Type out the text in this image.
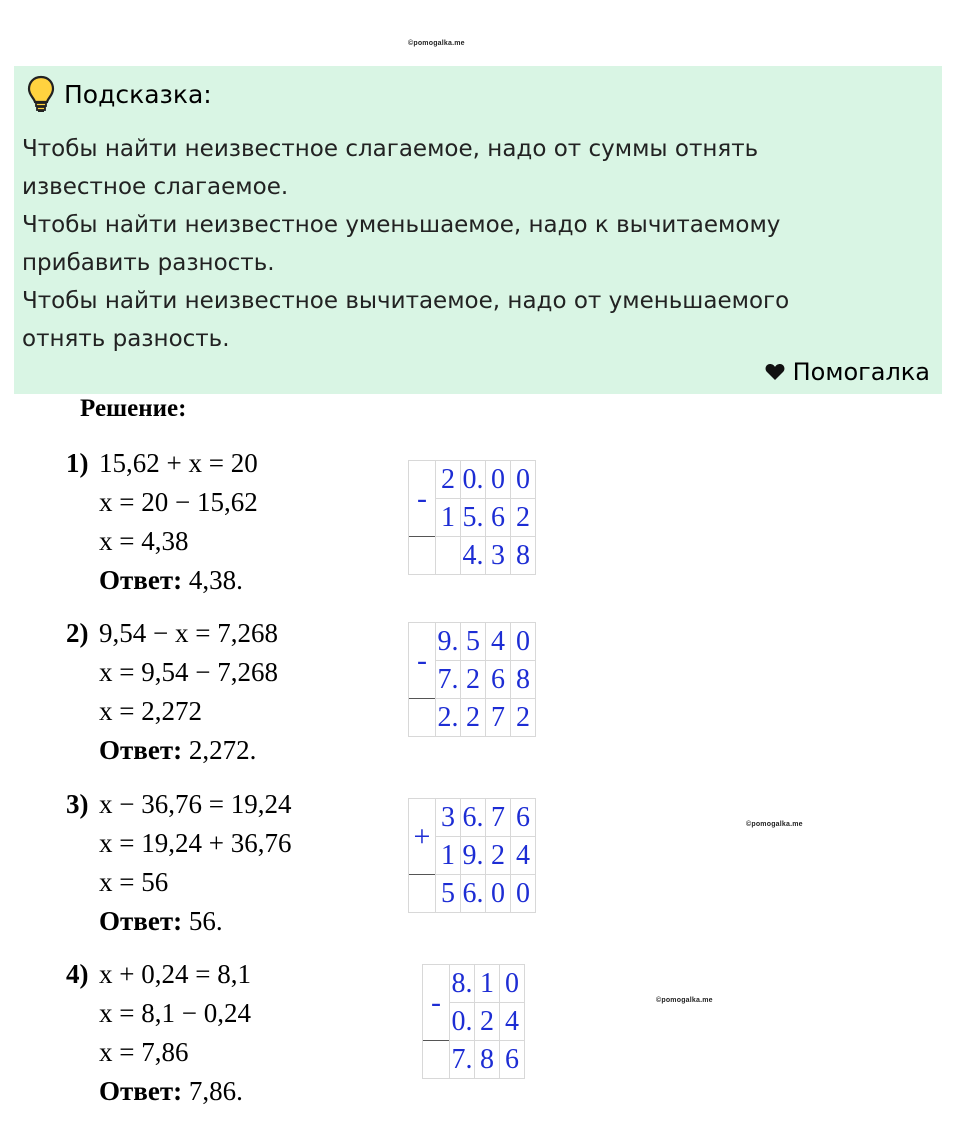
©pomogalka.me
Подсказка:
Чтобы найти неизвестное слагаемое, надо от суммы отнять
известное слагаемое.
Чтобы найти неизвестное уменьшаемое, надо к вычитаемому
прибавить разность.
Чтобы найти неизвестное вычитаемое, надо от уменьшаемого
отнять разность.
Помогалка
Решение:
1) 15,62 + x = 20
x = 20 − 15,62
x = 4,38
Ответ: 4,38.
-	2	0.	0	0
	1	5.	6	2
		4.	3	8
2) 9,54 − x = 7,268
x = 9,54 − 7,268
x = 2,272
Ответ: 2,272.
-	9.	5	4	0
	7.	2	6	8
	2.	2	7	2
3) x − 36,76 = 19,24
x = 19,24 + 36,76
x = 56
Ответ: 56.
+	3	6.	7	6
	1	9.	2	4
	5	6.	0	0
©pomogalka.me
4) x + 0,24 = 8,1
x = 8,1 − 0,24
x = 7,86
Ответ: 7,86.
-	8.	1	0
	0.	2	4
	7.	8	6
©pomogalka.me
